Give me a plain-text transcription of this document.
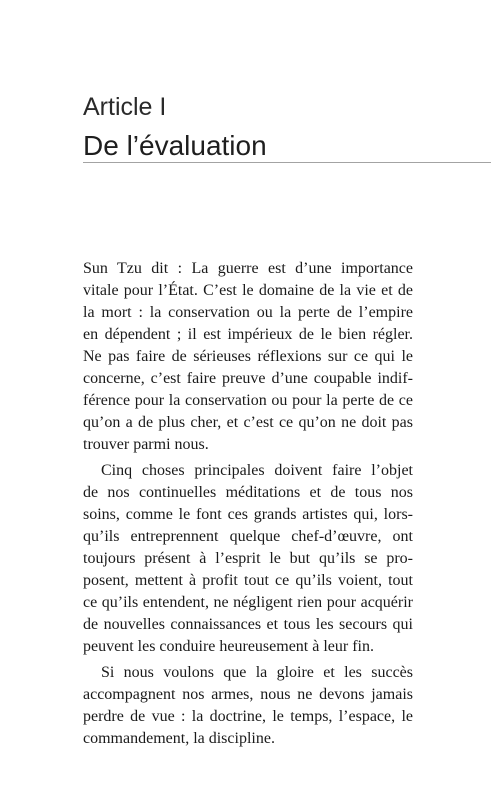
Article I
De l’évaluation
Sun Tzu dit : La guerre est d’une importance
vitale pour l’État. C’est le domaine de la vie et de
la mort : la conservation ou la perte de l’empire
en dépendent ; il est impérieux de le bien régler.
Ne pas faire de sérieuses réflexions sur ce qui le
concerne, c’est faire preuve d’une coupable indif-
férence pour la conservation ou pour la perte de ce
qu’on a de plus cher, et c’est ce qu’on ne doit pas
trouver parmi nous.
Cinq choses principales doivent faire l’objet
de nos continuelles méditations et de tous nos
soins, comme le font ces grands artistes qui, lors-
qu’ils entreprennent quelque chef-d’œuvre, ont
toujours présent à l’esprit le but qu’ils se pro-
posent, mettent à profit tout ce qu’ils voient, tout
ce qu’ils entendent, ne négligent rien pour acquérir
de nouvelles connaissances et tous les secours qui
peuvent les conduire heureusement à leur fin.
Si nous voulons que la gloire et les succès
accompagnent nos armes, nous ne devons jamais
perdre de vue : la doctrine, le temps, l’espace, le
commandement, la discipline.
